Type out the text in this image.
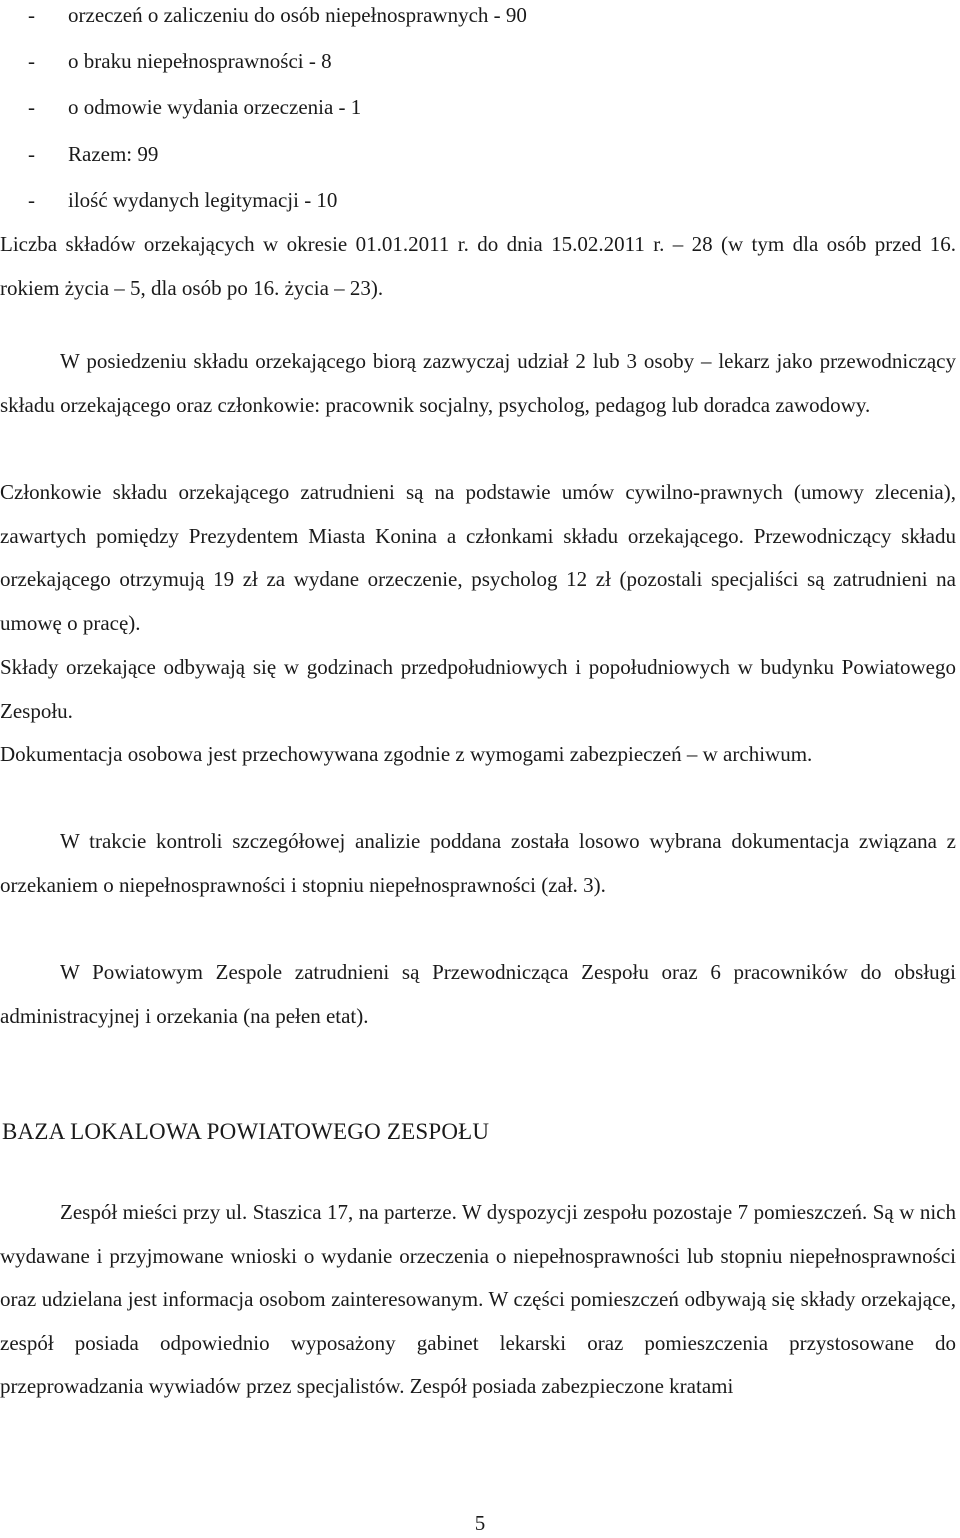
- orzeczeń o zaliczeniu do osób niepełnosprawnych - 90
- o braku niepełnosprawności - 8
- o odmowie wydania orzeczenia - 1
- Razem: 99
- ilość wydanych legitymacji - 10

Liczba składów orzekających w okresie 01.01.2011 r. do dnia 15.02.2011 r. – 28 (w tym dla osób przed 16. rokiem życia – 5, dla osób po 16. życia – 23).

W posiedzeniu składu orzekającego biorą zazwyczaj udział 2 lub 3 osoby – lekarz jako przewodniczący składu orzekającego oraz członkowie: pracownik socjalny, psycholog, pedagog lub doradca zawodowy.

Członkowie składu orzekającego zatrudnieni są na podstawie umów cywilno-prawnych (umowy zlecenia), zawartych pomiędzy Prezydentem Miasta Konina a członkami składu orzekającego. Przewodniczący składu orzekającego otrzymują 19 zł za wydane orzeczenie, psycholog 12 zł (pozostali specjaliści są zatrudnieni na umowę o pracę).

Składy orzekające odbywają się w godzinach przedpołudniowych i popołudniowych w budynku Powiatowego Zespołu.

Dokumentacja osobowa jest przechowywana zgodnie z wymogami zabezpieczeń – w archiwum.

W trakcie kontroli szczegółowej analizie poddana została losowo wybrana dokumentacja związana z orzekaniem o niepełnosprawności i stopniu niepełnosprawności (zał. 3).

W Powiatowym Zespole zatrudnieni są Przewodnicząca Zespołu oraz 6 pracowników do obsługi administracyjnej i orzekania (na pełen etat).

BAZA LOKALOWA POWIATOWEGO ZESPOŁU

Zespół mieści przy ul. Staszica 17, na parterze. W dyspozycji zespołu pozostaje 7 pomieszczeń. Są w nich wydawane i przyjmowane wnioski o wydanie orzeczenia o niepełnosprawności lub stopniu niepełnosprawności oraz udzielana jest informacja osobom zainteresowanym. W części pomieszczeń odbywają się składy orzekające, zespół posiada odpowiednio wyposażony gabinet lekarski oraz pomieszczenia przystosowane do przeprowadzania wywiadów przez specjalistów. Zespół posiada zabezpieczone kratami

5
